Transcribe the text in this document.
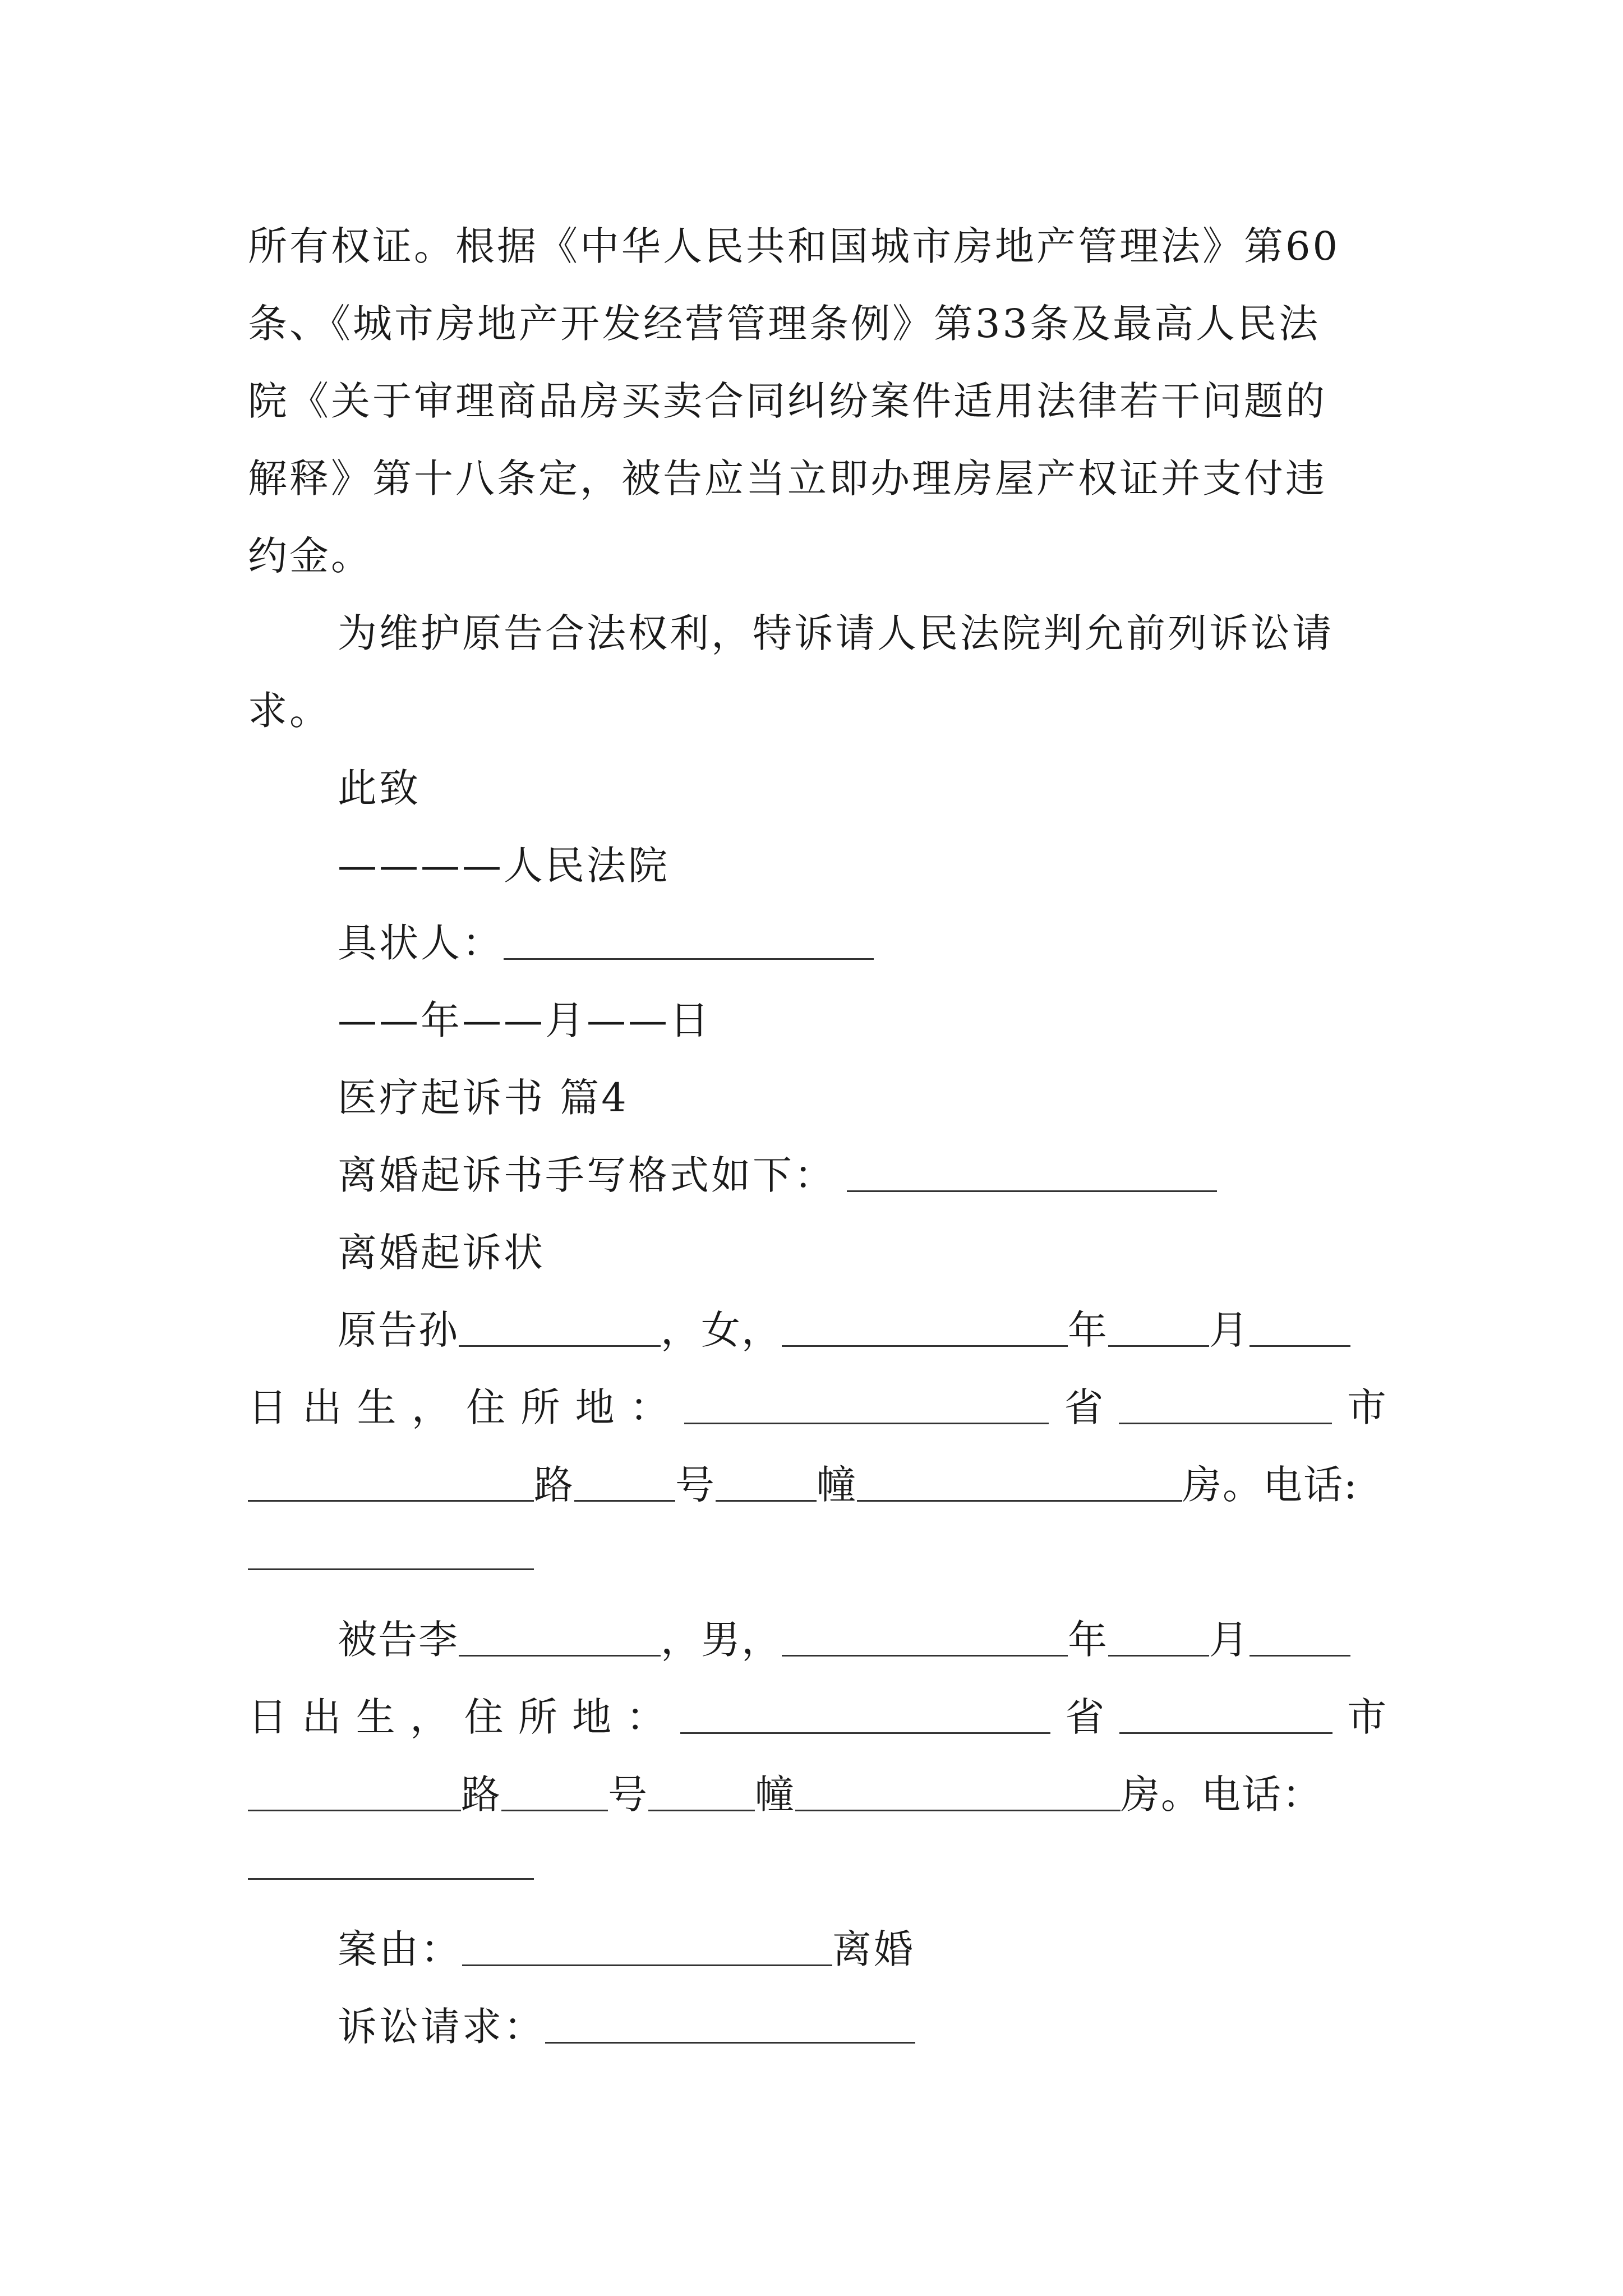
所有权证。根据《中华人民共和国城市房地产管理法》第60
条、《城市房地产开发经营管理条例》第33条及最高人民法
院《关于审理商品房买卖合同纠纷案件适用法律若干问题的
解释》第十八条定，被告应当立即办理房屋产权证并支付违
约金。
为维护原告合法权利，特诉请人民法院判允前列诉讼请
求。
此致
————人民法院
具状人：
——年——月——日
医疗起诉书 篇4
离婚起诉书手写格式如下：
离婚起诉状
原告孙	，女，	年	月
日 出 生 ， 住 所 地 ：	省	市
路	号	幢	房。电话:
被告李	，男，	年	月
日 出 生 ， 住 所 地 ：	省	市
路	号	幢	房。电话：
案由：	离婚
诉讼请求：
